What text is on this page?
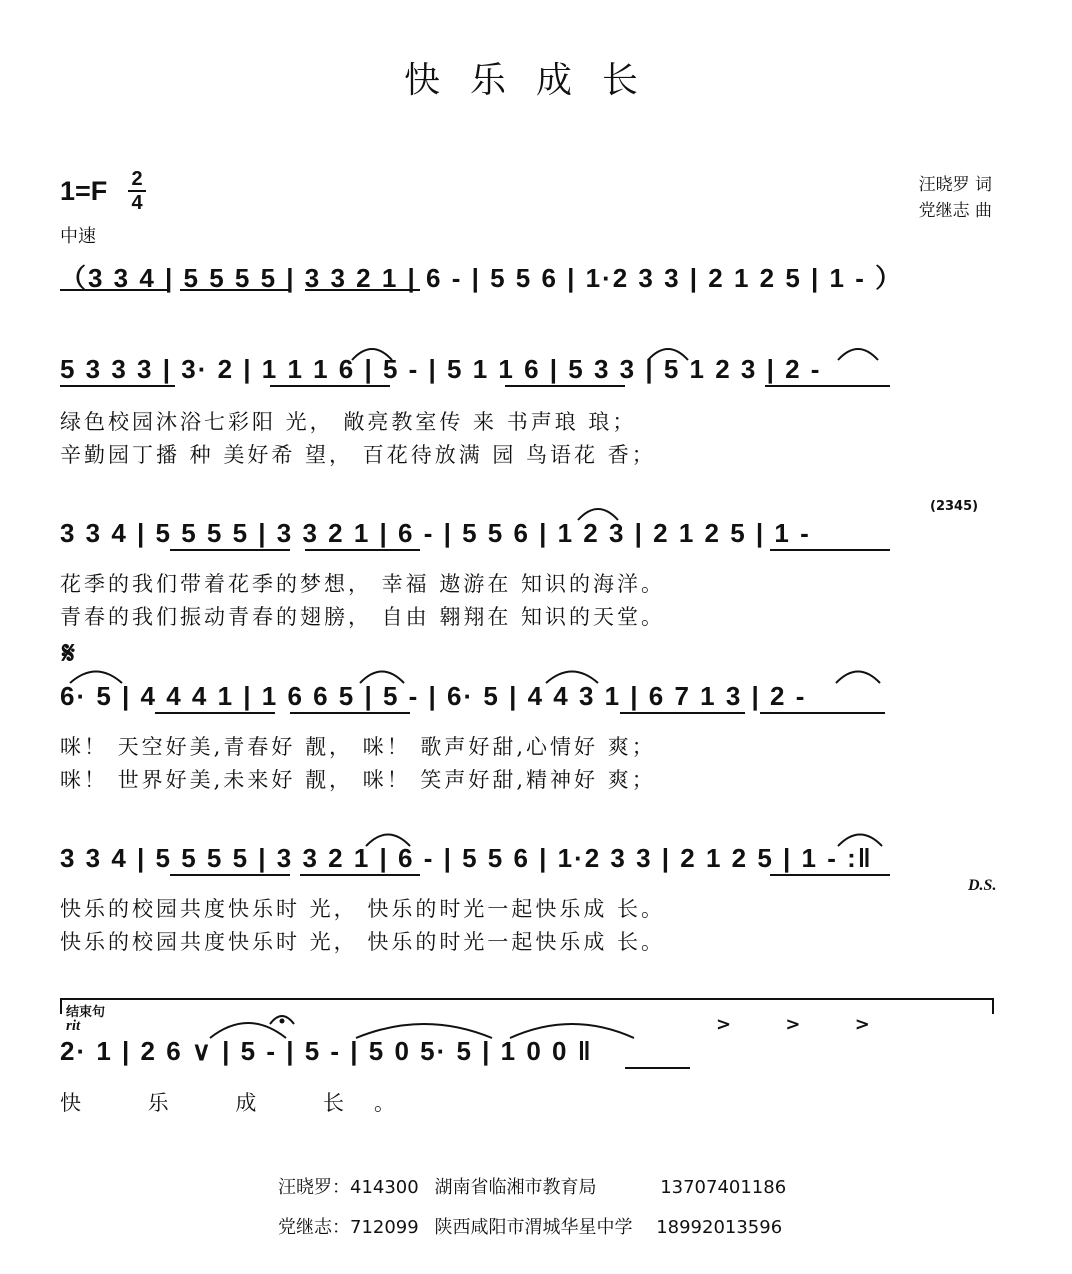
快乐成长
1=F 2
4
中速
汪晓罗 词
党继志 曲
（3 3 4 | 5 5 5 5 | 3 3 2 1 | 6 - | 5 5 6 | 1·2 3 3 | 2 1 2 5 | 1 - ）
5 3 3 3 | 3· 2 | 1 1 1 6 | 5 - | 5 1 1 6 | 5 3 3 | 5 1 2 3 | 2 -
绿色校园沐浴七彩阳 光， 敞亮教室传 来 书声琅 琅；
辛勤园丁播 种 美好希 望， 百花待放满 园 鸟语花 香；
(2345)
3 3 4 | 5 5 5 5 | 3 3 2 1 | 6 - | 5 5 6 | 1 2 3 | 2 1 2 5 | 1 -
花季的我们带着花季的梦想， 幸福 遨游在 知识的海洋。
青春的我们振动青春的翅膀， 自由 翱翔在 知识的天堂。
𝄋
6· 5 | 4 4 4 1 | 1 6 6 5 | 5 - | 6· 5 | 4 4 3 1 | 6 7 1 3 | 2 -
咪！ 天空好美,青春好 靓， 咪！ 歌声好甜,心情好 爽；
咪！ 世界好美,未来好 靓， 咪！ 笑声好甜,精神好 爽；
3 3 4 | 5 5 5 5 | 3 3 2 1 | 6 - | 5 5 6 | 1·2 3 3 | 2 1 2 5 | 1 - :‖
D.S.
快乐的校园共度快乐时 光， 快乐的时光一起快乐成 长。
快乐的校园共度快乐时 光， 快乐的时光一起快乐成 长。
结束句
rit	> > >
2· 1 | 2 6 ∨ | 5 - | 5 - | 5 0 5· 5 | 1 0 0 ‖
快 乐 成 长。
汪晓罗：414300 湖南省临湘市教育局	13707401186
党继志：712099 陕西咸阳市渭城华星中学 18992013596
